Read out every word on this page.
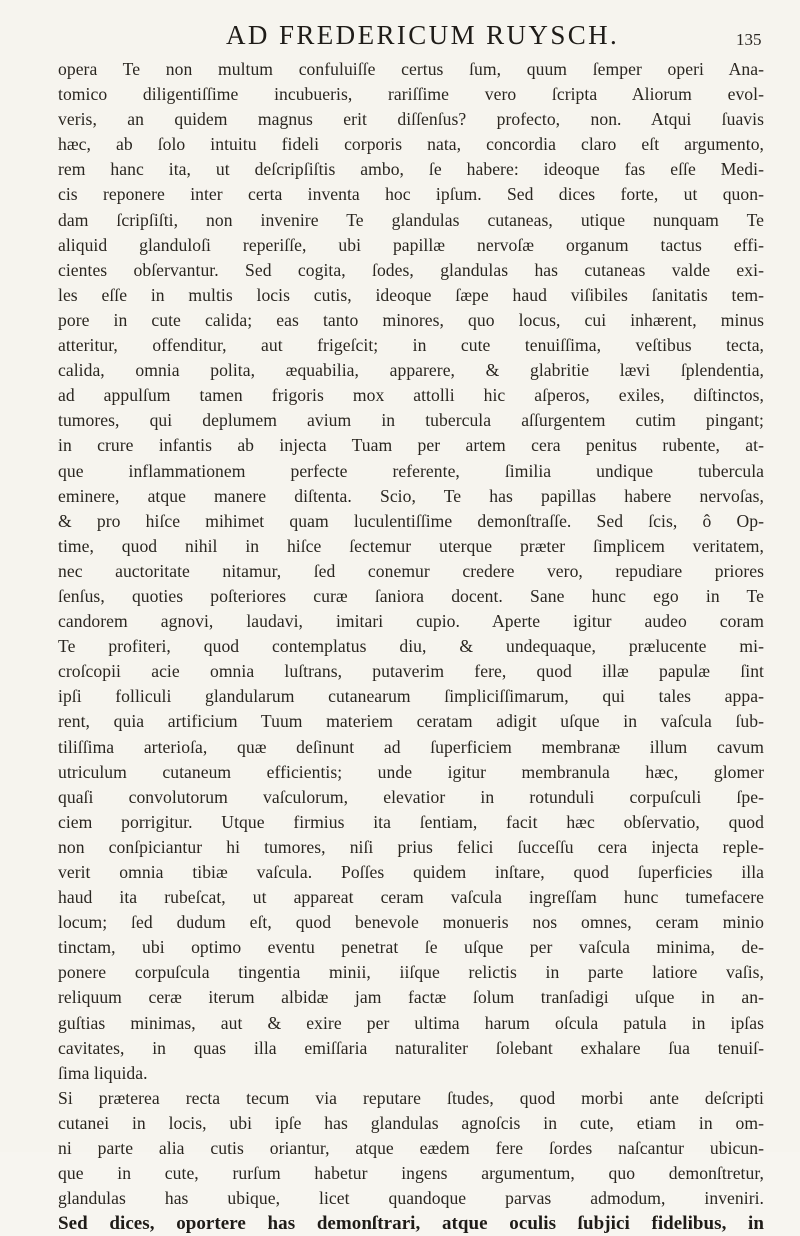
AD FREDERICUM RUYSCH.	135
opera Te non multum confuluiſſe certus ſum, quum ſemper operi Ana-
tomico diligentiſſime incubueris, rariſſime vero ſcripta Aliorum evol-
veris, an quidem magnus erit diſſenſus? profecto, non. Atqui ſuavis
hæc, ab ſolo intuitu fideli corporis nata, concordia claro eſt argumento,
rem hanc ita, ut deſcripſiſtis ambo, ſe habere: ideoque fas eſſe Medi-
cis reponere inter certa inventa hoc ipſum. Sed dices forte, ut quon-
dam ſcripſiſti, non invenire Te glandulas cutaneas, utique nunquam Te
aliquid glanduloſi reperiſſe, ubi papillæ nervoſæ organum tactus effi-
cientes obſervantur. Sed cogita, ſodes, glandulas has cutaneas valde exi-
les eſſe in multis locis cutis, ideoque ſæpe haud viſibiles ſanitatis tem-
pore in cute calida; eas tanto minores, quo locus, cui inhærent, minus
atteritur, offenditur, aut frigeſcit; in cute tenuiſſima, veſtibus tecta,
calida, omnia polita, æquabilia, apparere, & glabritie lævi ſplendentia,
ad appulſum tamen frigoris mox attolli hic aſperos, exiles, diſtinctos,
tumores, qui deplumem avium in tubercula aſſurgentem cutim pingant;
in crure infantis ab injecta Tuam per artem cera penitus rubente, at-
que inflammationem perfecte referente, ſimilia undique tubercula
eminere, atque manere diſtenta. Scio, Te has papillas habere nervoſas,
& pro hiſce mihimet quam luculentiſſime demonſtraſſe. Sed ſcis, ô Op-
time, quod nihil in hiſce ſectemur uterque præter ſimplicem veritatem,
nec auctoritate nitamur, ſed conemur credere vero, repudiare priores
ſenſus, quoties poſteriores curæ ſaniora docent. Sane hunc ego in Te
candorem agnovi, laudavi, imitari cupio. Aperte igitur audeo coram
Te profiteri, quod contemplatus diu, & undequaque, prælucente mi-
croſcopii acie omnia luſtrans, putaverim fere, quod illæ papulæ ſint
ipſi folliculi glandularum cutanearum ſimpliciſſimarum, qui tales appa-
rent, quia artificium Tuum materiem ceratam adigit uſque in vaſcula ſub-
tiliſſima arterioſa, quæ deſinunt ad ſuperficiem membranæ illum cavum
utriculum cutaneum efficientis; unde igitur membranula hæc, glomer
quaſi convolutorum vaſculorum, elevatior in rotunduli corpuſculi ſpe-
ciem porrigitur. Utque firmius ita ſentiam, facit hæc obſervatio, quod
non conſpiciantur hi tumores, niſi prius felici ſucceſſu cera injecta reple-
verit omnia tibiæ vaſcula. Poſſes quidem inſtare, quod ſuperficies illa
haud ita rubeſcat, ut appareat ceram vaſcula ingreſſam hunc tumefacere
locum; ſed dudum eſt, quod benevole monueris nos omnes, ceram minio
tinctam, ubi optimo eventu penetrat ſe uſque per vaſcula minima, de-
ponere corpuſcula tingentia minii, iiſque relictis in parte latiore vaſis,
reliquum ceræ iterum albidæ jam factæ ſolum tranſadigi uſque in an-
guſtias minimas, aut & exire per ultima harum oſcula patula in ipſas
cavitates, in quas illa emiſſaria naturaliter ſolebant exhalare ſua tenuiſ-
ſima liquida.
Si præterea recta tecum via reputare ſtudes, quod morbi ante deſcripti
cutanei in locis, ubi ipſe has glandulas agnoſcis in cute, etiam in om-
ni parte alia cutis oriantur, atque eædem fere ſordes naſcantur ubicun-
que in cute, rurſum habetur ingens argumentum, quo demonſtretur,
glandulas has ubique, licet quandoque parvas admodum, inveniri.
Sed dices, oportere has demonſtrari, atque oculis ſubjici fidelibus, in
